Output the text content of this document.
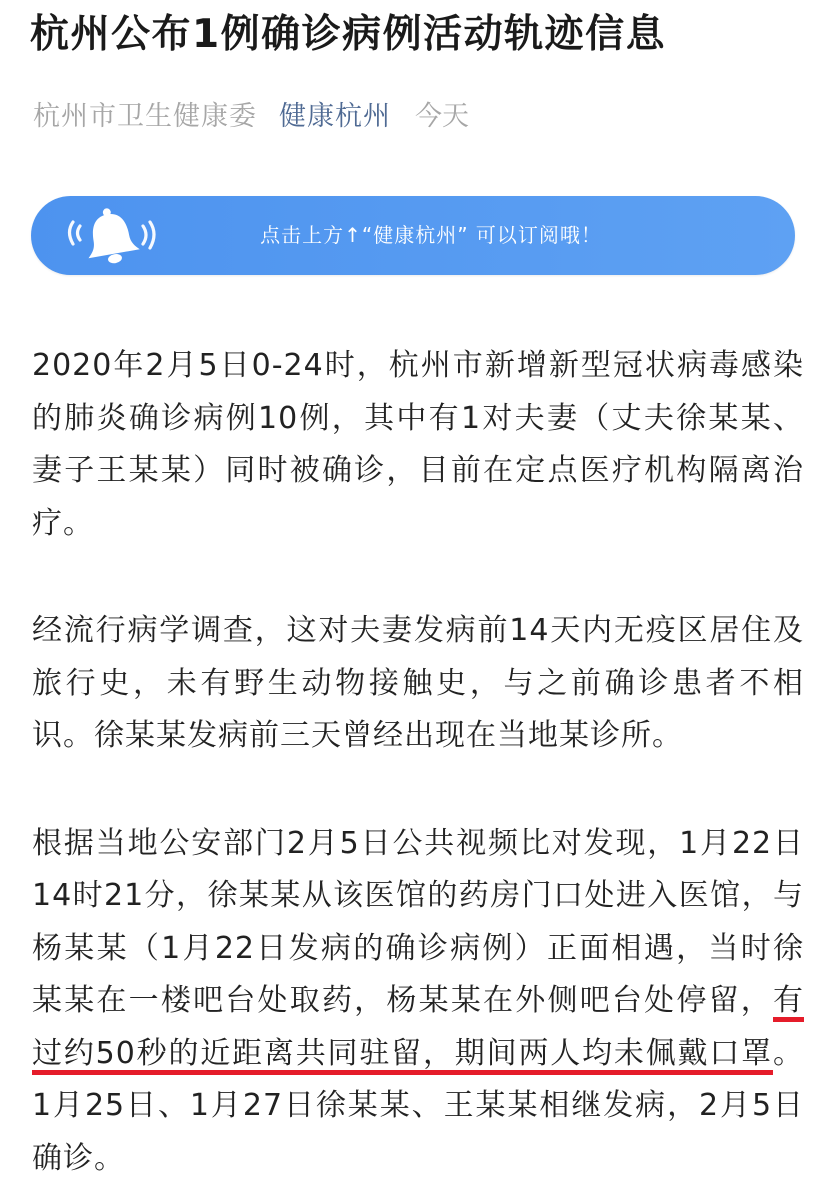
杭州公布1例确诊病例活动轨迹信息
杭州市卫生健康委 健康杭州 今天
点击上方↑“健康杭州” 可以订阅哦！

2020年2月5日0-24时，杭州市新增新型冠状病毒感染的肺炎确诊病例10例，其中有1对夫妻（丈夫徐某某、妻子王某某）同时被确诊，目前在定点医疗机构隔离治疗。

经流行病学调查，这对夫妻发病前14天内无疫区居住及旅行史，未有野生动物接触史，与之前确诊患者不相识。徐某某发病前三天曾经出现在当地某诊所。

根据当地公安部门2月5日公共视频比对发现，1月22日14时21分，徐某某从该医馆的药房门口处进入医馆，与杨某某（1月22日发病的确诊病例）正面相遇，当时徐某某在一楼吧台处取药，杨某某在外侧吧台处停留，有过约50秒的近距离共同驻留，期间两人均未佩戴口罩。1月25日、1月27日徐某某、王某某相继发病，2月5日确诊。
